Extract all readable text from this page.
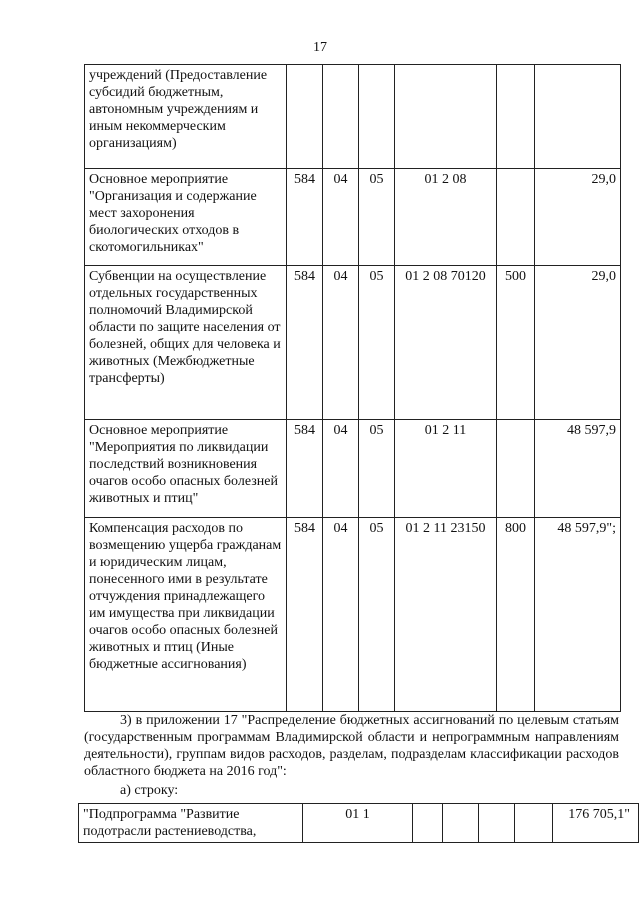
17
учреждений (Предоставление субсидий бюджетным, автономным учреждениям и иным некоммерческим организациям)						
Основное мероприятие "Организация и содержание мест захоронения биологических отходов в скотомогильниках"	584	04	05	01 2 08		29,0
Субвенции на осуществление отдельных государственных полномочий Владимирской области по защите населения от болезней, общих для человека и животных (Межбюджетные трансферты)	584	04	05	01 2 08 70120	500	29,0
Основное мероприятие "Мероприятия по ликвидации последствий возникновения очагов особо опасных болезней животных и птиц"	584	04	05	01 2 11		48 597,9
Компенсация расходов по возмещению ущерба гражданам и юридическим лицам, понесенного ими в результате отчуждения принадлежащего им имущества при ликвидации очагов особо опасных болезней животных и птиц (Иные бюджетные ассигнования)	584	04	05	01 2 11 23150	800	48 597,9";
3) в приложении 17 "Распределение бюджетных ассигнований по целевым статьям (государственным программам Владимирской области и непрограммным направлениям деятельности), группам видов расходов, разделам, подразделам классификации расходов областного бюджета на 2016 год":
а) строку:
"Подпрограмма "Развитие подотрасли растениеводства,	01 1					176 705,1"
